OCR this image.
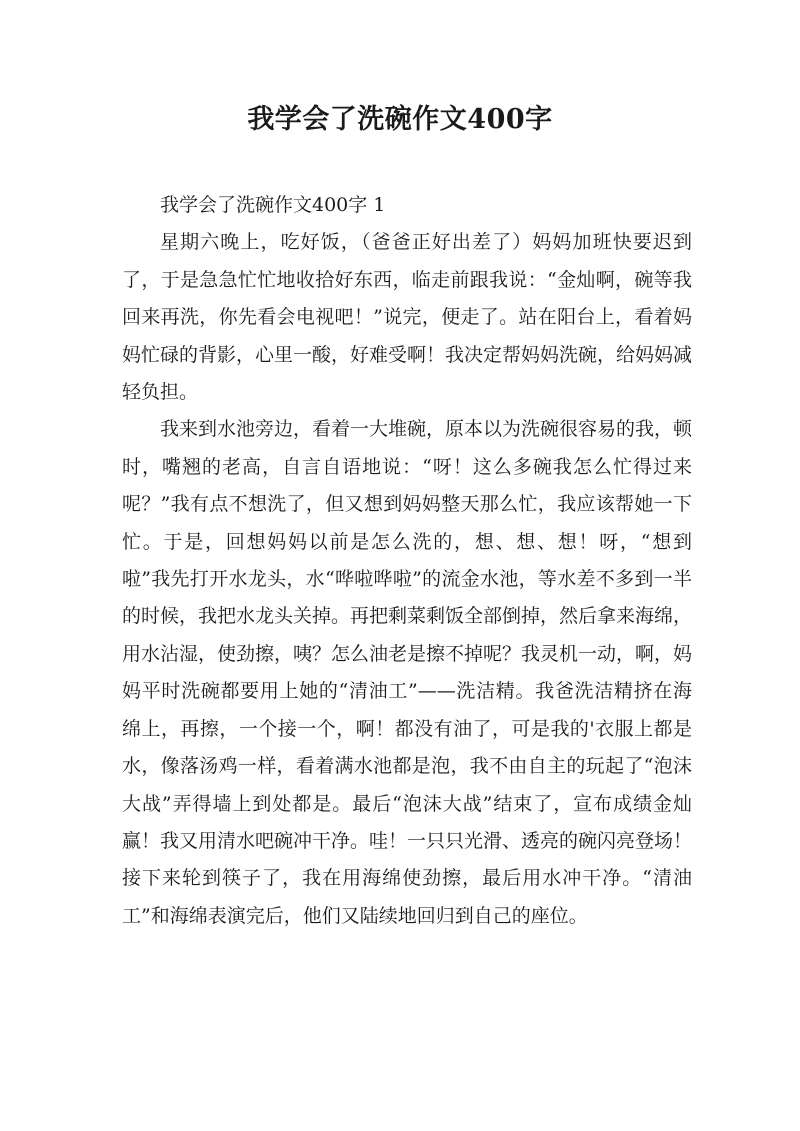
我学会了洗碗作文400字

我学会了洗碗作文400字 1

星期六晚上，吃好饭，（爸爸正好出差了）妈妈加班快要迟到了，于是急急忙忙地收拾好东西，临走前跟我说：“金灿啊，碗等我回来再洗，你先看会电视吧！”说完，便走了。站在阳台上，看着妈妈忙碌的背影，心里一酸，好难受啊！我决定帮妈妈洗碗，给妈妈减轻负担。

我来到水池旁边，看着一大堆碗，原本以为洗碗很容易的我，顿时，嘴翘的老高，自言自语地说：“呀！这么多碗我怎么忙得过来呢？”我有点不想洗了，但又想到妈妈整天那么忙，我应该帮她一下忙。于是，回想妈妈以前是怎么洗的，想、想、想！呀，“想到啦”我先打开水龙头，水“哗啦哗啦”的流金水池，等水差不多到一半的时候，我把水龙头关掉。再把剩菜剩饭全部倒掉，然后拿来海绵，用水沾湿，使劲擦，咦？怎么油老是擦不掉呢？我灵机一动，啊，妈妈平时洗碗都要用上她的“清油工”——洗洁精。我爸洗洁精挤在海绵上，再擦，一个接一个，啊！都没有油了，可是我的'衣服上都是水，像落汤鸡一样，看着满水池都是泡，我不由自主的玩起了“泡沫大战”弄得墙上到处都是。最后“泡沫大战”结束了，宣布成绩金灿赢！我又用清水吧碗冲干净。哇！一只只光滑、透亮的碗闪亮登场！接下来轮到筷子了，我在用海绵使劲擦，最后用水冲干净。“清油工”和海绵表演完后，他们又陆续地回归到自己的座位。
